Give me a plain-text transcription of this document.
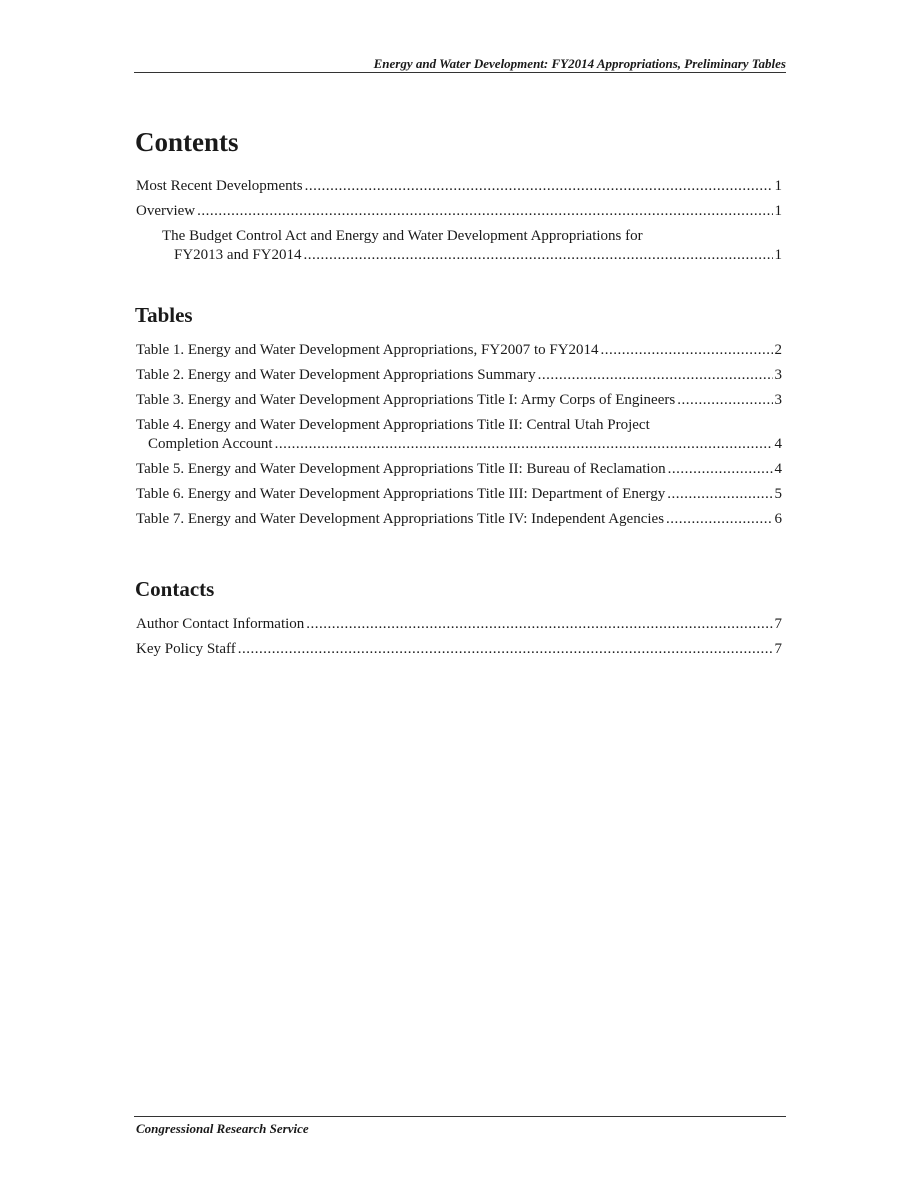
Energy and Water Development: FY2014 Appropriations, Preliminary Tables
Contents
Most Recent Developments .....	1
Overview .....	1
The Budget Control Act and Energy and Water Development Appropriations for
FY2013 and FY2014 .....	1
Tables
Table 1. Energy and Water Development Appropriations, FY2007 to FY2014 .....	2
Table 2. Energy and Water Development Appropriations Summary .....	3
Table 3. Energy and Water Development Appropriations Title I: Army Corps of Engineers .....	3
Table 4. Energy and Water Development Appropriations Title II: Central Utah Project
Completion Account .....	4
Table 5. Energy and Water Development Appropriations Title II: Bureau of Reclamation .....	4
Table 6. Energy and Water Development Appropriations Title III: Department of Energy .....	5
Table 7. Energy and Water Development Appropriations Title IV: Independent Agencies .....	6
Contacts
Author Contact Information .....	7
Key Policy Staff .....	7
Congressional Research Service
